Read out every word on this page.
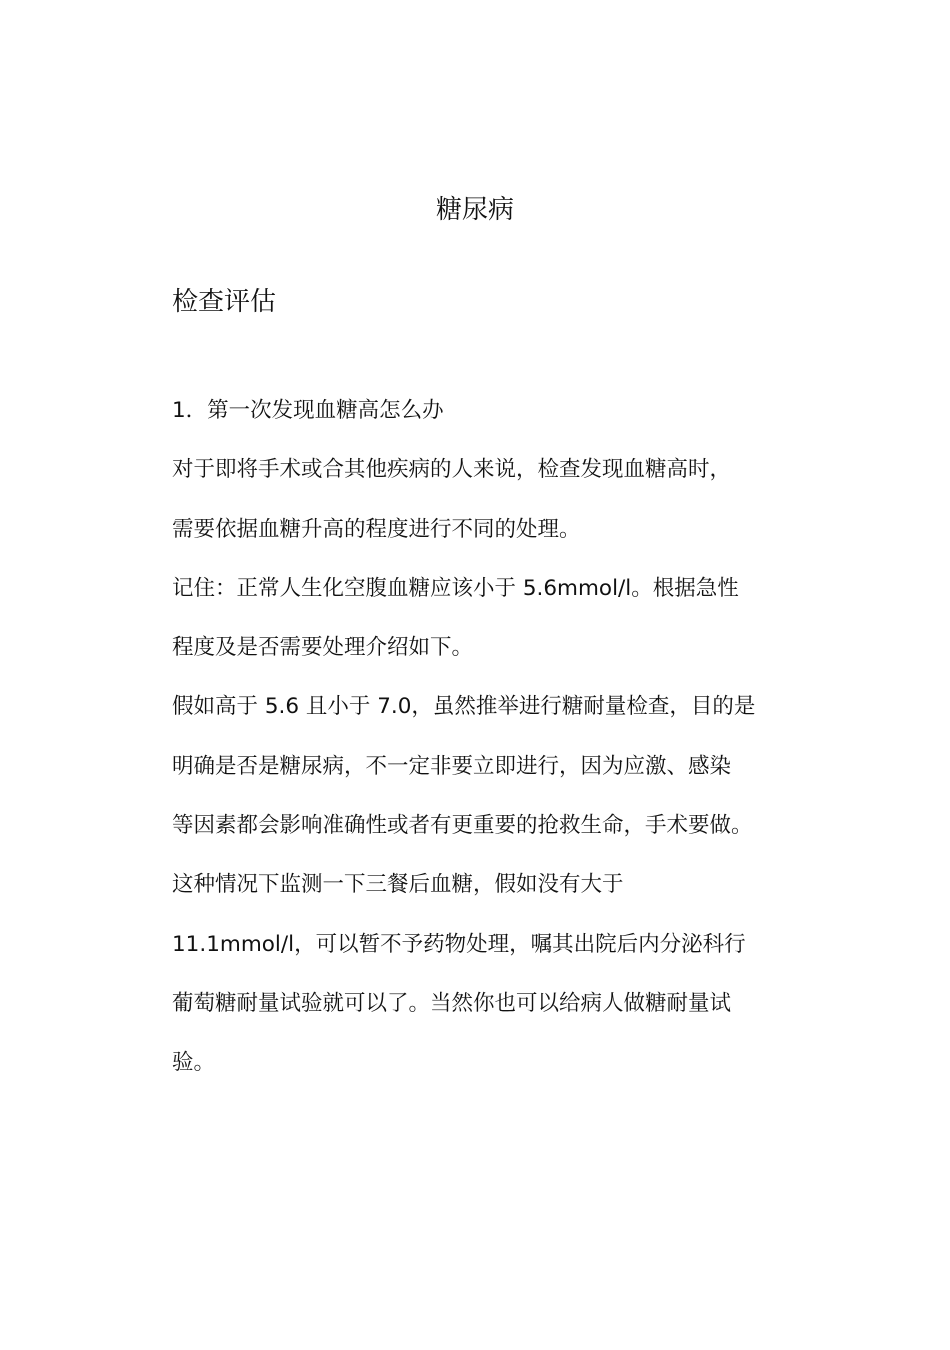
糖尿病
检查评估

1．第一次发现血糖高怎么办

对于即将手术或合其他疾病的人来说，检查发现血糖高时，

需要依据血糖升高的程度进行不同的处理。

记住：正常人生化空腹血糖应该小于 5.6mmol/l。根据急性

程度及是否需要处理介绍如下。

假如高于 5.6 且小于 7.0，虽然推举进行糖耐量检查，目的是

明确是否是糖尿病，不一定非要立即进行，因为应激、感染

等因素都会影响准确性或者有更重要的抢救生命，手术要做。

这种情况下监测一下三餐后血糖，假如没有大于

11.1mmol/l，可以暂不予药物处理，嘱其出院后内分泌科行

葡萄糖耐量试验就可以了。当然你也可以给病人做糖耐量试

验。
